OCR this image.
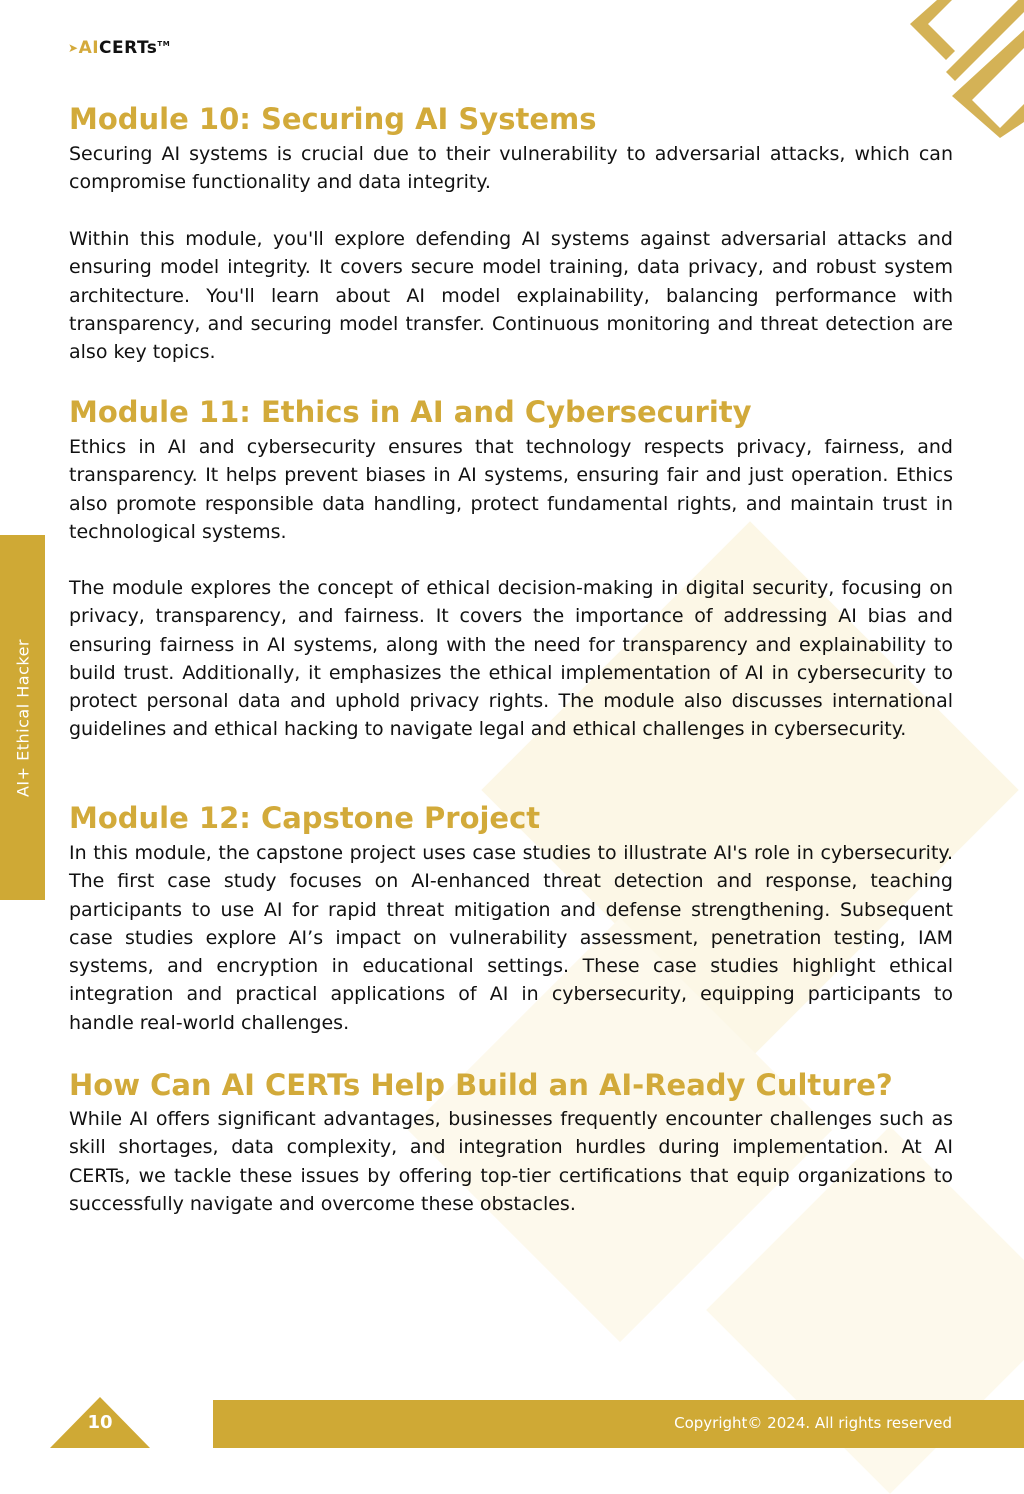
➤ AI CERTs TM
AI+ Ethical Hacker
Module 10: Securing AI Systems

Securing AI systems is crucial due to their vulnerability to adversarial attacks, which can compromise functionality and data integrity.

Within this module, you'll explore defending AI systems against adversarial attacks and ensuring model integrity. It covers secure model training, data privacy, and robust system architecture. You'll learn about AI model explainability, balancing performance with transparency, and securing model transfer. Continuous monitoring and threat detection are also key topics.

Module 11: Ethics in AI and Cybersecurity

Ethics in AI and cybersecurity ensures that technology respects privacy, fairness, and transparency. It helps prevent biases in AI systems, ensuring fair and just operation. Ethics also promote responsible data handling, protect fundamental rights, and maintain trust in technological systems.

The module explores the concept of ethical decision-making in digital security, focusing on privacy, transparency, and fairness. It covers the importance of addressing AI bias and ensuring fairness in AI systems, along with the need for transparency and explainability to build trust. Additionally, it emphasizes the ethical implementation of AI in cybersecurity to protect personal data and uphold privacy rights. The module also discusses international guidelines and ethical hacking to navigate legal and ethical challenges in cybersecurity.

Module 12: Capstone Project

In this module, the capstone project uses case studies to illustrate AI's role in cybersecurity. The first case study focuses on AI-enhanced threat detection and response, teaching participants to use AI for rapid threat mitigation and defense strengthening. Subsequent case studies explore AI’s impact on vulnerability assessment, penetration testing, IAM systems, and encryption in educational settings. These case studies highlight ethical integration and practical applications of AI in cybersecurity, equipping participants to handle real-world challenges.

How Can AI CERTs Help Build an AI-Ready Culture?

While AI offers significant advantages, businesses frequently encounter challenges such as skill shortages, data complexity, and integration hurdles during implementation. At AI CERTs, we tackle these issues by offering top-tier certifications that equip organizations to successfully navigate and overcome these obstacles.

10	Copyright© 2024. All rights reserved
